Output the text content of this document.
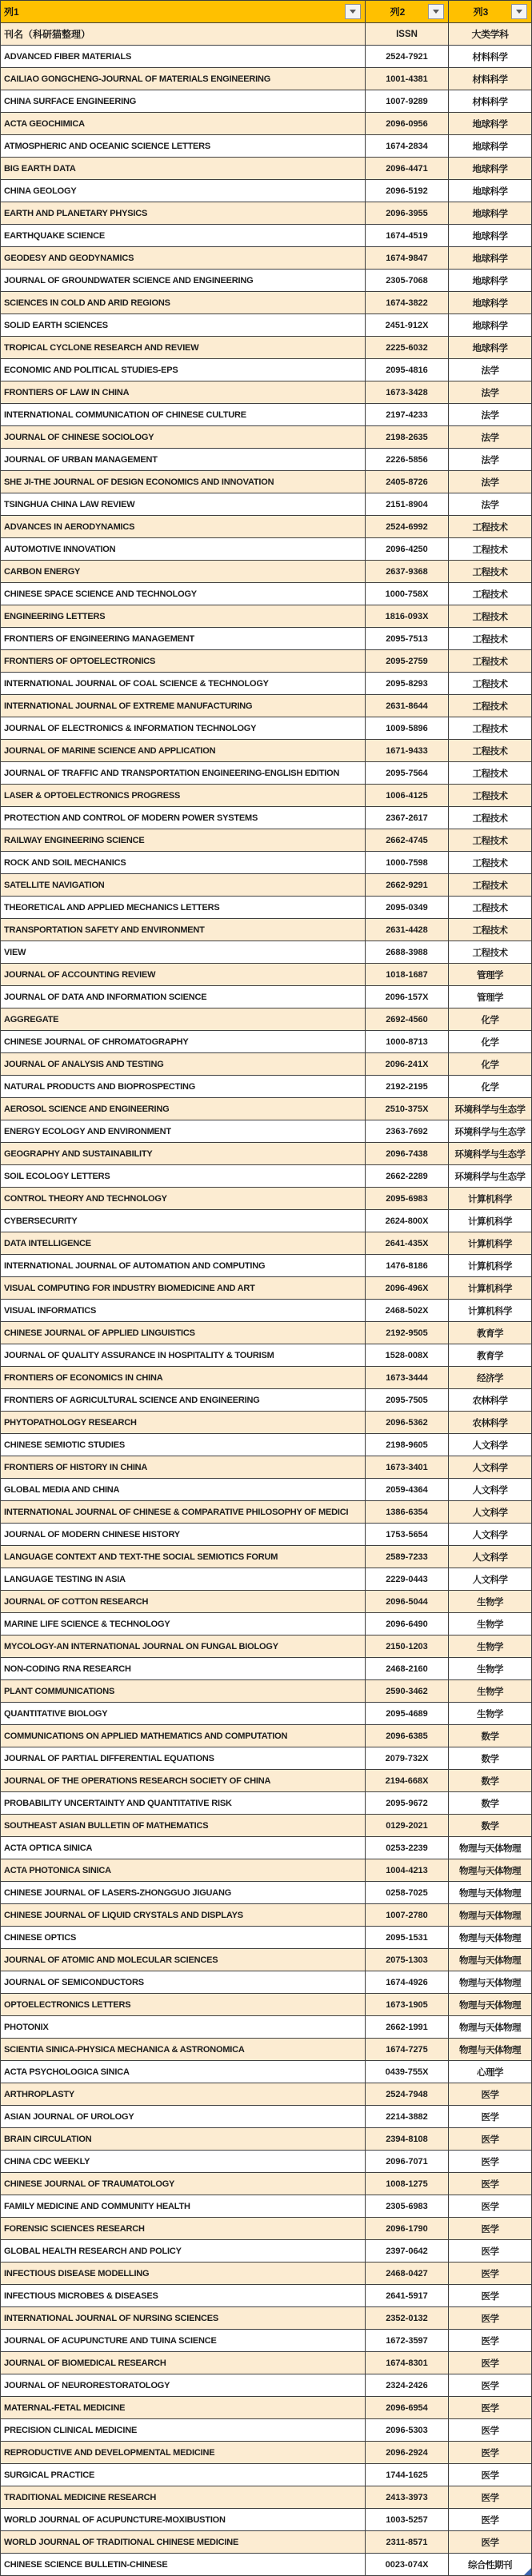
列1	列2	列3
刊名（科研猫整理）	ISSN	大类学科
ADVANCED FIBER MATERIALS	2524-7921	材料科学
CAILIAO GONGCHENG-JOURNAL OF MATERIALS ENGINEERING	1001-4381	材料科学
CHINA SURFACE ENGINEERING	1007-9289	材料科学
ACTA GEOCHIMICA	2096-0956	地球科学
ATMOSPHERIC AND OCEANIC SCIENCE LETTERS	1674-2834	地球科学
BIG EARTH DATA	2096-4471	地球科学
CHINA GEOLOGY	2096-5192	地球科学
EARTH AND PLANETARY PHYSICS	2096-3955	地球科学
EARTHQUAKE SCIENCE	1674-4519	地球科学
GEODESY AND GEODYNAMICS	1674-9847	地球科学
JOURNAL OF GROUNDWATER SCIENCE AND ENGINEERING	2305-7068	地球科学
SCIENCES IN COLD AND ARID REGIONS	1674-3822	地球科学
SOLID EARTH SCIENCES	2451-912X	地球科学
TROPICAL CYCLONE RESEARCH AND REVIEW	2225-6032	地球科学
ECONOMIC AND POLITICAL STUDIES-EPS	2095-4816	法学
FRONTIERS OF LAW IN CHINA	1673-3428	法学
INTERNATIONAL COMMUNICATION OF CHINESE CULTURE	2197-4233	法学
JOURNAL OF CHINESE SOCIOLOGY	2198-2635	法学
JOURNAL OF URBAN MANAGEMENT	2226-5856	法学
SHE JI-THE JOURNAL OF DESIGN ECONOMICS AND INNOVATION	2405-8726	法学
TSINGHUA CHINA LAW REVIEW	2151-8904	法学
ADVANCES IN AERODYNAMICS	2524-6992	工程技术
AUTOMOTIVE INNOVATION	2096-4250	工程技术
CARBON ENERGY	2637-9368	工程技术
CHINESE SPACE SCIENCE AND TECHNOLOGY	1000-758X	工程技术
ENGINEERING LETTERS	1816-093X	工程技术
FRONTIERS OF ENGINEERING MANAGEMENT	2095-7513	工程技术
FRONTIERS OF OPTOELECTRONICS	2095-2759	工程技术
INTERNATIONAL JOURNAL OF COAL SCIENCE & TECHNOLOGY	2095-8293	工程技术
INTERNATIONAL JOURNAL OF EXTREME MANUFACTURING	2631-8644	工程技术
JOURNAL OF ELECTRONICS & INFORMATION TECHNOLOGY	1009-5896	工程技术
JOURNAL OF MARINE SCIENCE AND APPLICATION	1671-9433	工程技术
JOURNAL OF TRAFFIC AND TRANSPORTATION ENGINEERING-ENGLISH EDITION	2095-7564	工程技术
LASER & OPTOELECTRONICS PROGRESS	1006-4125	工程技术
PROTECTION AND CONTROL OF MODERN POWER SYSTEMS	2367-2617	工程技术
RAILWAY ENGINEERING SCIENCE	2662-4745	工程技术
ROCK AND SOIL MECHANICS	1000-7598	工程技术
SATELLITE NAVIGATION	2662-9291	工程技术
THEORETICAL AND APPLIED MECHANICS LETTERS	2095-0349	工程技术
TRANSPORTATION SAFETY AND ENVIRONMENT	2631-4428	工程技术
VIEW	2688-3988	工程技术
JOURNAL OF ACCOUNTING REVIEW	1018-1687	管理学
JOURNAL OF DATA AND INFORMATION SCIENCE	2096-157X	管理学
AGGREGATE	2692-4560	化学
CHINESE JOURNAL OF CHROMATOGRAPHY	1000-8713	化学
JOURNAL OF ANALYSIS AND TESTING	2096-241X	化学
NATURAL PRODUCTS AND BIOPROSPECTING	2192-2195	化学
AEROSOL SCIENCE AND ENGINEERING	2510-375X	环境科学与生态学
ENERGY ECOLOGY AND ENVIRONMENT	2363-7692	环境科学与生态学
GEOGRAPHY AND SUSTAINABILITY	2096-7438	环境科学与生态学
SOIL ECOLOGY LETTERS	2662-2289	环境科学与生态学
CONTROL THEORY AND TECHNOLOGY	2095-6983	计算机科学
CYBERSECURITY	2624-800X	计算机科学
DATA INTELLIGENCE	2641-435X	计算机科学
INTERNATIONAL JOURNAL OF AUTOMATION AND COMPUTING	1476-8186	计算机科学
VISUAL COMPUTING FOR INDUSTRY BIOMEDICINE AND ART	2096-496X	计算机科学
VISUAL INFORMATICS	2468-502X	计算机科学
CHINESE JOURNAL OF APPLIED LINGUISTICS	2192-9505	教育学
JOURNAL OF QUALITY ASSURANCE IN HOSPITALITY & TOURISM	1528-008X	教育学
FRONTIERS OF ECONOMICS IN CHINA	1673-3444	经济学
FRONTIERS OF AGRICULTURAL SCIENCE AND ENGINEERING	2095-7505	农林科学
PHYTOPATHOLOGY RESEARCH	2096-5362	农林科学
CHINESE SEMIOTIC STUDIES	2198-9605	人文科学
FRONTIERS OF HISTORY IN CHINA	1673-3401	人文科学
GLOBAL MEDIA AND CHINA	2059-4364	人文科学
INTERNATIONAL JOURNAL OF CHINESE & COMPARATIVE PHILOSOPHY OF MEDICI	1386-6354	人文科学
JOURNAL OF MODERN CHINESE HISTORY	1753-5654	人文科学
LANGUAGE CONTEXT AND TEXT-THE SOCIAL SEMIOTICS FORUM	2589-7233	人文科学
LANGUAGE TESTING IN ASIA	2229-0443	人文科学
JOURNAL OF COTTON RESEARCH	2096-5044	生物学
MARINE LIFE SCIENCE & TECHNOLOGY	2096-6490	生物学
MYCOLOGY-AN INTERNATIONAL JOURNAL ON FUNGAL BIOLOGY	2150-1203	生物学
NON-CODING RNA RESEARCH	2468-2160	生物学
PLANT COMMUNICATIONS	2590-3462	生物学
QUANTITATIVE BIOLOGY	2095-4689	生物学
COMMUNICATIONS ON APPLIED MATHEMATICS AND COMPUTATION	2096-6385	数学
JOURNAL OF PARTIAL DIFFERENTIAL EQUATIONS	2079-732X	数学
JOURNAL OF THE OPERATIONS RESEARCH SOCIETY OF CHINA	2194-668X	数学
PROBABILITY UNCERTAINTY AND QUANTITATIVE RISK	2095-9672	数学
SOUTHEAST ASIAN BULLETIN OF MATHEMATICS	0129-2021	数学
ACTA OPTICA SINICA	0253-2239	物理与天体物理
ACTA PHOTONICA SINICA	1004-4213	物理与天体物理
CHINESE JOURNAL OF LASERS-ZHONGGUO JIGUANG	0258-7025	物理与天体物理
CHINESE JOURNAL OF LIQUID CRYSTALS AND DISPLAYS	1007-2780	物理与天体物理
CHINESE OPTICS	2095-1531	物理与天体物理
JOURNAL OF ATOMIC AND MOLECULAR SCIENCES	2075-1303	物理与天体物理
JOURNAL OF SEMICONDUCTORS	1674-4926	物理与天体物理
OPTOELECTRONICS LETTERS	1673-1905	物理与天体物理
PHOTONIX	2662-1991	物理与天体物理
SCIENTIA SINICA-PHYSICA MECHANICA & ASTRONOMICA	1674-7275	物理与天体物理
ACTA PSYCHOLOGICA SINICA	0439-755X	心理学
ARTHROPLASTY	2524-7948	医学
ASIAN JOURNAL OF UROLOGY	2214-3882	医学
BRAIN CIRCULATION	2394-8108	医学
CHINA CDC WEEKLY	2096-7071	医学
CHINESE JOURNAL OF TRAUMATOLOGY	1008-1275	医学
FAMILY MEDICINE AND COMMUNITY HEALTH	2305-6983	医学
FORENSIC SCIENCES RESEARCH	2096-1790	医学
GLOBAL HEALTH RESEARCH AND POLICY	2397-0642	医学
INFECTIOUS DISEASE MODELLING	2468-0427	医学
INFECTIOUS MICROBES & DISEASES	2641-5917	医学
INTERNATIONAL JOURNAL OF NURSING SCIENCES	2352-0132	医学
JOURNAL OF ACUPUNCTURE AND TUINA SCIENCE	1672-3597	医学
JOURNAL OF BIOMEDICAL RESEARCH	1674-8301	医学
JOURNAL OF NEURORESTORATOLOGY	2324-2426	医学
MATERNAL-FETAL MEDICINE	2096-6954	医学
PRECISION CLINICAL MEDICINE	2096-5303	医学
REPRODUCTIVE AND DEVELOPMENTAL MEDICINE	2096-2924	医学
SURGICAL PRACTICE	1744-1625	医学
TRADITIONAL MEDICINE RESEARCH	2413-3973	医学
WORLD JOURNAL OF ACUPUNCTURE-MOXIBUSTION	1003-5257	医学
WORLD JOURNAL OF TRADITIONAL CHINESE MEDICINE	2311-8571	医学
CHINESE SCIENCE BULLETIN-CHINESE	0023-074X	综合性期刊
